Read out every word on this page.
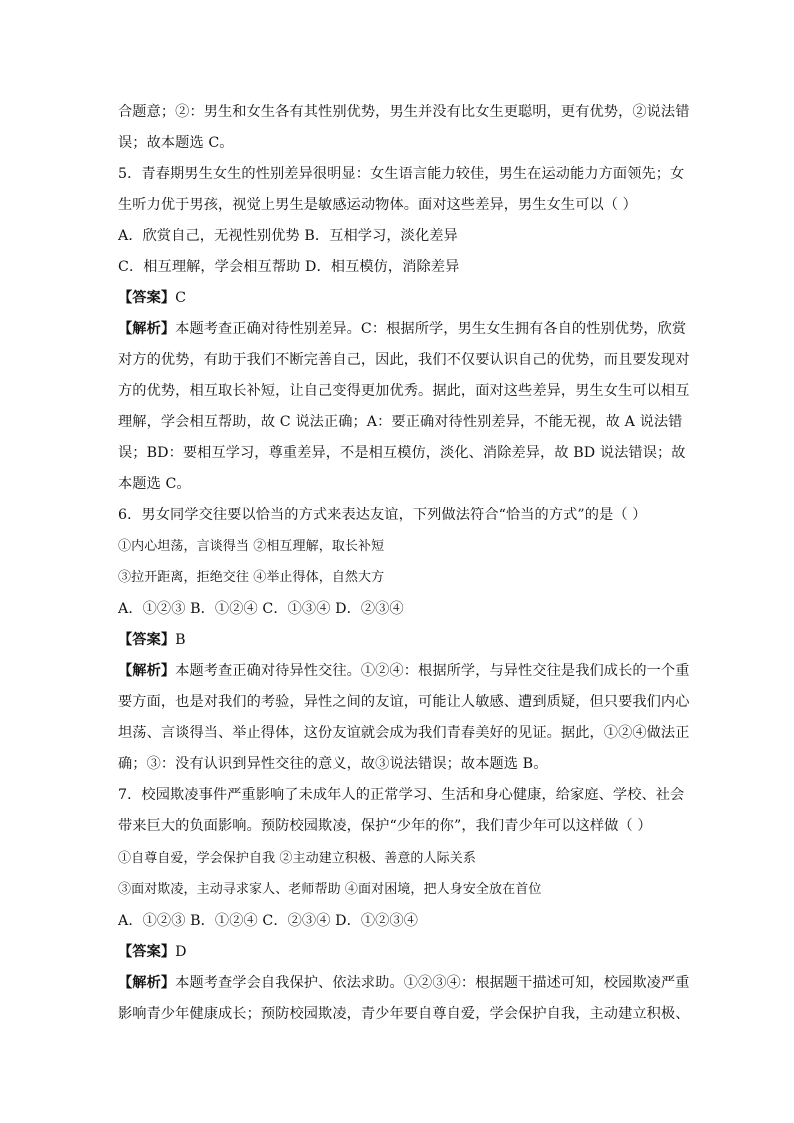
合题意；②：男生和女生各有其性别优势，男生并没有比女生更聪明，更有优势，②说法错
误；故本题选 C。
5．青春期男生女生的性别差异很明显：女生语言能力较佳，男生在运动能力方面领先；女
生听力优于男孩，视觉上男生是敏感运动物体。面对这些差异，男生女生可以（ ）
A．欣赏自己，无视性别优势 B．互相学习，淡化差异
C．相互理解，学会相互帮助 D．相互模仿，消除差异
【答案】C
【解析】本题考查正确对待性别差异。C：根据所学，男生女生拥有各自的性别优势，欣赏
对方的优势，有助于我们不断完善自己，因此，我们不仅要认识自己的优势，而且要发现对
方的优势，相互取长补短，让自己变得更加优秀。据此，面对这些差异，男生女生可以相互
理解，学会相互帮助，故 C 说法正确；A：要正确对待性别差异，不能无视，故 A 说法错
误；BD：要相互学习，尊重差异，不是相互模仿，淡化、消除差异，故 BD 说法错误；故
本题选 C。
6．男女同学交往要以恰当的方式来表达友谊，下列做法符合“恰当的方式”的是（ ）
①内心坦荡，言谈得当 ②相互理解，取长补短
③拉开距离，拒绝交往 ④举止得体，自然大方
A．①②③ B．①②④ C．①③④ D．②③④
【答案】B
【解析】本题考查正确对待异性交往。①②④：根据所学，与异性交往是我们成长的一个重
要方面，也是对我们的考验，异性之间的友谊，可能让人敏感、遭到质疑，但只要我们内心
坦荡、言谈得当、举止得体，这份友谊就会成为我们青春美好的见证。据此，①②④做法正
确；③：没有认识到异性交往的意义，故③说法错误；故本题选 B。
7．校园欺凌事件严重影响了未成年人的正常学习、生活和身心健康，给家庭、学校、社会
带来巨大的负面影响。预防校园欺凌，保护“少年的你”，我们青少年可以这样做（ ）
①自尊自爱，学会保护自我 ②主动建立积极、善意的人际关系
③面对欺凌，主动寻求家人、老师帮助 ④面对困境，把人身安全放在首位
A．①②③ B．①②④ C．②③④ D．①②③④
【答案】D
【解析】本题考查学会自我保护、依法求助。①②③④：根据题干描述可知，校园欺凌严重
影响青少年健康成长；预防校园欺凌，青少年要自尊自爱，学会保护自我，主动建立积极、
